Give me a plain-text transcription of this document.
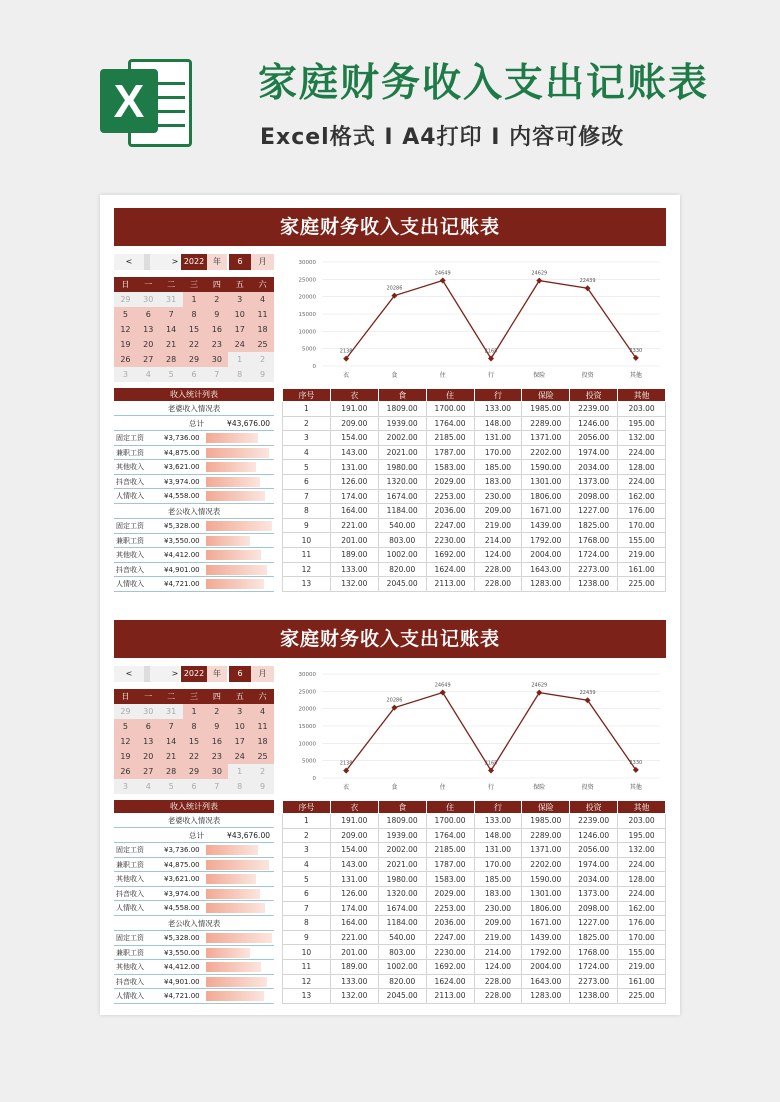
X	家庭财务收入支出记账表
Excel格式 I A4打印 I 内容可修改
家庭财务收入支出记账表
<	> 2022	年	6	月
日	一	二	三	四	五	六
29	30	31	1	2	3	4
5	6	7	8	9	10	11
12	13	14	15	16	17	18
19	20	21	22	23	24	25
26	27	28	29	30	1	2
3	4	5	6	7	8	9
收入统计列表
老婆收入情况表
总计	¥43,676.00
固定工资	¥3,736.00
兼职工资	¥4,875.00
其他收入	¥3,621.00
抖音收入	¥3,974.00
人情收入	¥4,558.00
老公收入情况表
固定工资	¥5,328.00
兼职工资	¥3,550.00
其他收入	¥4,412.00
抖音收入	¥4,901.00
人情收入	¥4,721.00
0
5000
10000
15000
20000
25000
30000
2138
衣
20286
食
24649
住
2165
行
24629
保险
22439
投资
2330
其他
序号	衣	食	住	行	保险	投资	其他
1	191.00	1809.00	1700.00	133.00	1985.00	2239.00	203.00
2	209.00	1939.00	1764.00	148.00	2289.00	1246.00	195.00
3	154.00	2002.00	2185.00	131.00	1371.00	2056.00	132.00
4	143.00	2021.00	1787.00	170.00	2202.00	1974.00	224.00
5	131.00	1980.00	1583.00	185.00	1590.00	2034.00	128.00
6	126.00	1320.00	2029.00	183.00	1301.00	1373.00	224.00
7	174.00	1674.00	2253.00	230.00	1806.00	2098.00	162.00
8	164.00	1184.00	2036.00	209.00	1671.00	1227.00	176.00
9	221.00	540.00	2247.00	219.00	1439.00	1825.00	170.00
10	201.00	803.00	2230.00	214.00	1792.00	1768.00	155.00
11	189.00	1002.00	1692.00	124.00	2004.00	1724.00	219.00
12	133.00	820.00	1624.00	228.00	1643.00	2273.00	161.00
13	132.00	2045.00	2113.00	228.00	1283.00	1238.00	225.00
家庭财务收入支出记账表
<	> 2022	年	6	月
日	一	二	三	四	五	六
29	30	31	1	2	3	4
5	6	7	8	9	10	11
12	13	14	15	16	17	18
19	20	21	22	23	24	25
26	27	28	29	30	1	2
3	4	5	6	7	8	9
收入统计列表
老婆收入情况表
总计	¥43,676.00
固定工资	¥3,736.00
兼职工资	¥4,875.00
其他收入	¥3,621.00
抖音收入	¥3,974.00
人情收入	¥4,558.00
老公收入情况表
固定工资	¥5,328.00
兼职工资	¥3,550.00
其他收入	¥4,412.00
抖音收入	¥4,901.00
人情收入	¥4,721.00
0
5000
10000
15000
20000
25000
30000
2138
衣
20286
食
24649
住
2165
行
24629
保险
22439
投资
2330
其他
序号	衣	食	住	行	保险	投资	其他
1	191.00	1809.00	1700.00	133.00	1985.00	2239.00	203.00
2	209.00	1939.00	1764.00	148.00	2289.00	1246.00	195.00
3	154.00	2002.00	2185.00	131.00	1371.00	2056.00	132.00
4	143.00	2021.00	1787.00	170.00	2202.00	1974.00	224.00
5	131.00	1980.00	1583.00	185.00	1590.00	2034.00	128.00
6	126.00	1320.00	2029.00	183.00	1301.00	1373.00	224.00
7	174.00	1674.00	2253.00	230.00	1806.00	2098.00	162.00
8	164.00	1184.00	2036.00	209.00	1671.00	1227.00	176.00
9	221.00	540.00	2247.00	219.00	1439.00	1825.00	170.00
10	201.00	803.00	2230.00	214.00	1792.00	1768.00	155.00
11	189.00	1002.00	1692.00	124.00	2004.00	1724.00	219.00
12	133.00	820.00	1624.00	228.00	1643.00	2273.00	161.00
13	132.00	2045.00	2113.00	228.00	1283.00	1238.00	225.00
